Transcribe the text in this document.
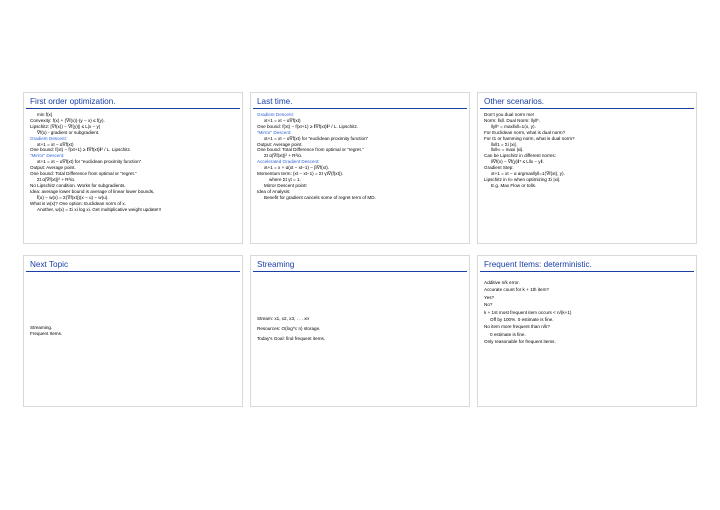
First order optimization.
min f(x)
Convexity: f(x) + (∇f(x))·(y − x) ≤ f(y).
Lipschitz: |∇f(x)) − ∇f(y)|| ≤ L|x − y|
∇f(x) - gradient or subgradient.
Gradient Descent:
xt+1 = xt − α∇f(xt)
One bound: f(xt) − f(xt+1) ≥ ‖∇f(xt)‖² / L. Lipschitz.
“Mirror” Descent:
xt+1 = xt − α∇f(xt) for “euclidean proximity function”
Output: Average point.
One bound: Total Difference from optimal or “regret.”
Σt α|∇f(xt)|² + R²/α.
No Lipschitz condition. Works for subgradients.
Idea: average lower bound is average of linear lower bounds,
f̄(u) − w(x) = Σ(∇f(xt))(x − u) − w(u).
What is w(x)? One option: Euclidean norm of x.
Another, w(x) = Σi xi log xi. Get multiplicative weight update!!!
Last time.
Gradient Descent:
xt+1 = xt − α∇f(xt)
One bound: f(xt) − f(xt+1) ≥ ‖∇f(xt)‖² / L. Lipschitz.
“Mirror” Descent:
xt+1 = xt − α∇f(xt) for “euclidean proximity function”
Output: Average point.
One bound: Total Difference from optimal or “regret.”
Σt α|∇f(xt)|² + R²/α.
Accelerated Gradient Descent:
xt+1 = x + α(xt − xt−1) − β∇f(xt).
Momentum term: (xt − xt−1) = Σt γt∇(f(xt)).
where Σt γt = 1.
Mirror Descent point!
Idea of Analysis:
Benefit for gradient cancels some of regret term of MD.
Other scenarios.
Don’t you dual norm me!
Norm: ‖x‖. Dual Norm: ‖y‖*.
‖y‖* = max‖x‖=1⟨x, y⟩.
For Euclidean norm, what is dual norm?
For ℓ1 or hamming norm, what is dual norm?
‖x‖1 = Σi |xi|.
‖x‖∞ = maxi |xi|.
Can be Lipschitz in different norms:
‖∇f(x) − ∇f(y)‖* ≤ L‖x − y‖.
Gradient Step:
xt+1 = xt − α argmax‖y‖=1⟨∇f(xt), y⟩.
Lipschitz in ℓ∞ when optimizing Σi |xi|.
E.g. Max Flow or tolls.
Next Topic
Streaming.
Frequent Items.
Streaming
Stream: x1, x2, x3, . . . xn
Resources: O(log^c n) storage.
Today’s Goal: find frequent items.
Frequent Items: deterministic.
Additive n/k error.
Accurate count for k + 1th item?
Yes?
No?
k + 1st most frequent item occurs < n/(k+1)
Off by 100%. 0 estimate is fine.
No item more frequent than n/k?
0 estimate is fine.
Only reasonable for frequent items.
